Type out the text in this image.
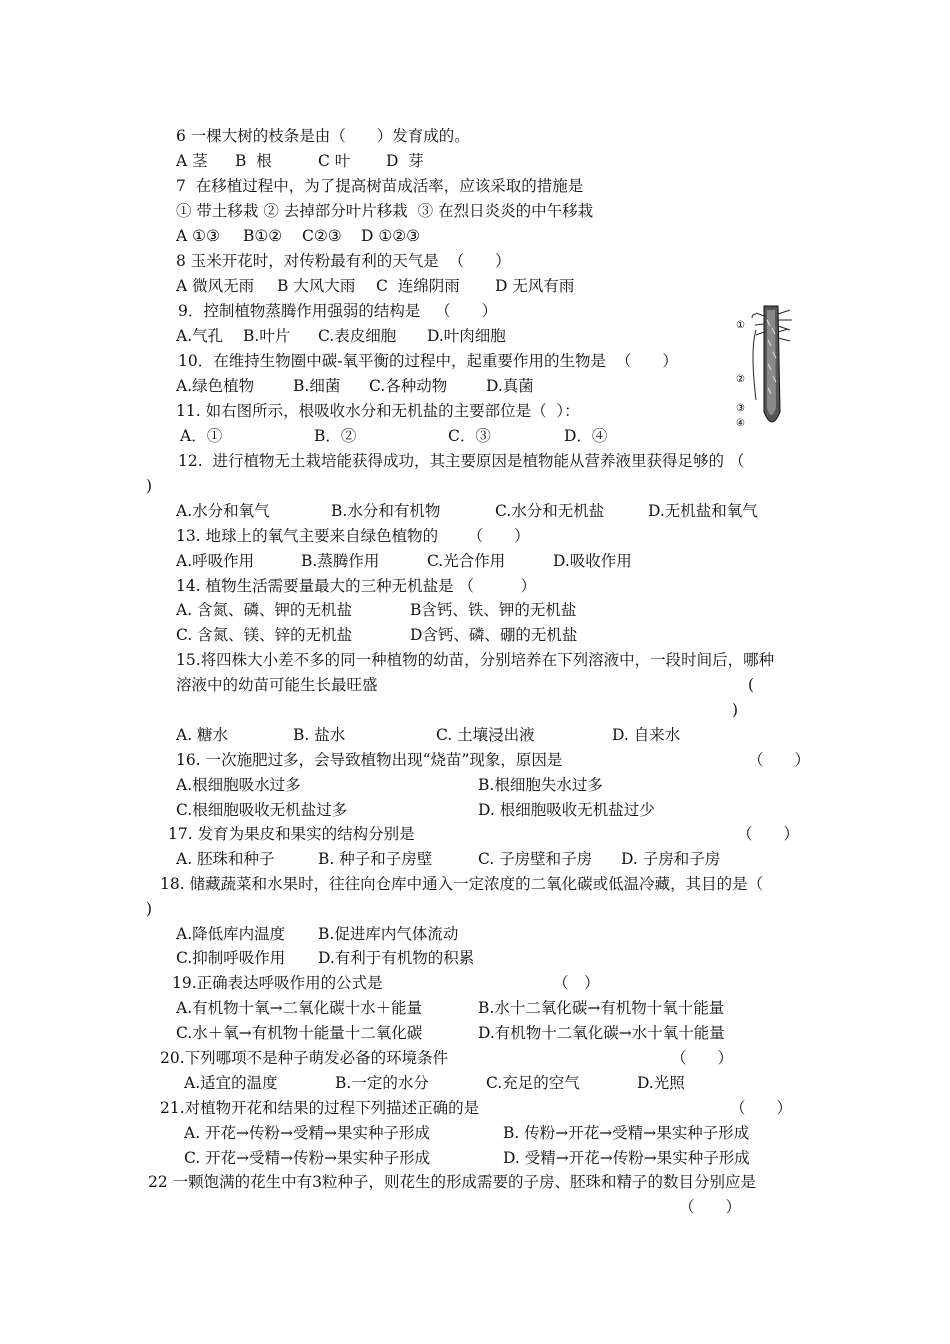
6 一棵大树的枝条是由（　　）发育成的。
A 茎 B  根	C 叶 D  芽
7  在移植过程中，为了提高树苗成活率，应该采取的措施是
① 带土移栽 ② 去掉部分叶片移栽  ③ 在烈日炎炎的中午移栽
A ①③ B①② C②③ D ①②③
8 玉米开花时，对传粉最有利的天气是  （　　）
A 微风无雨 B 大风大雨 C  连绵阴雨 D 无风有雨
9．控制植物蒸腾作用强弱的结构是   （　　）
A.气孔 B.叶片 C.表皮细胞 D.叶肉细胞
10．在维持生物圈中碳-氧平衡的过程中，起重要作用的生物是  （　　）
A.绿色植物	B.细菌 C.各种动物	D.真菌
11. 如右图所示，根吸收水分和无机盐的主要部位是（  ）：
A．①	B．②	C．③	D．④
①
②
③
④
12.  进行植物无土栽培能获得成功，其主要原因是植物能从营养液里获得足够的 （
)
A.水分和氧气	B.水分和有机物	C.水分和无机盐	D.无机盐和氧气
13. 地球上的氧气主要来自绿色植物的      （　　）
A.呼吸作用	B.蒸腾作用	C.光合作用	D.吸收作用
14. 植物生活需要量最大的三种无机盐是 （　　　）
A. 含氮、磷、钾的无机盐	B含钙、铁、钾的无机盐
C. 含氮、镁、锌的无机盐	D含钙、磷、硼的无机盐
15.将四株大小差不多的同一种植物的幼苗，分别培养在下列溶液中，一段时间后，哪种
溶液中的幼苗可能生长最旺盛	(
)
A. 糖水	B. 盐水	C. 土壤浸出液	D. 自来水
16. 一次施肥过多，会导致植物出现“烧苗”现象，原因是	（　　）
A.根细胞吸水过多	B.根细胞失水过多
C.根细胞吸收无机盐过多	D. 根细胞吸收无机盐过少
17. 发育为果皮和果实的结构分别是	（　　）
A. 胚珠和种子	B. 种子和子房壁	C. 子房壁和子房 D. 子房和子房
18. 储藏蔬菜和水果时，往往向仓库中通入一定浓度的二氧化碳或低温冷藏，其目的是（
)
A.降低库内温度 B.促进库内气体流动
C.抑制呼吸作用 D.有利于有机物的积累
19.正确表达呼吸作用的公式是	（　）
A.有机物十氧→二氧化碳十水＋能量	B.水十二氧化碳→有机物十氧十能量
C.水＋氧→有机物十能量十二氧化碳	D.有机物十二氧化碳→水十氧十能量
20.下列哪项不是种子萌发必备的环境条件	（　　）
A.适宜的温度	B.一定的水分	C.充足的空气	D.光照
21.对植物开花和结果的过程下列描述正确的是	（　　）
A. 开花→传粉→受精→果实种子形成	B. 传粉→开花→受精→果实种子形成
C. 开花→受精→传粉→果实种子形成	D. 受精→开花→传粉→果实种子形成
22 一颗饱满的花生中有3粒种子，则花生的形成需要的子房、胚珠和精子的数目分别应是
（　　）
